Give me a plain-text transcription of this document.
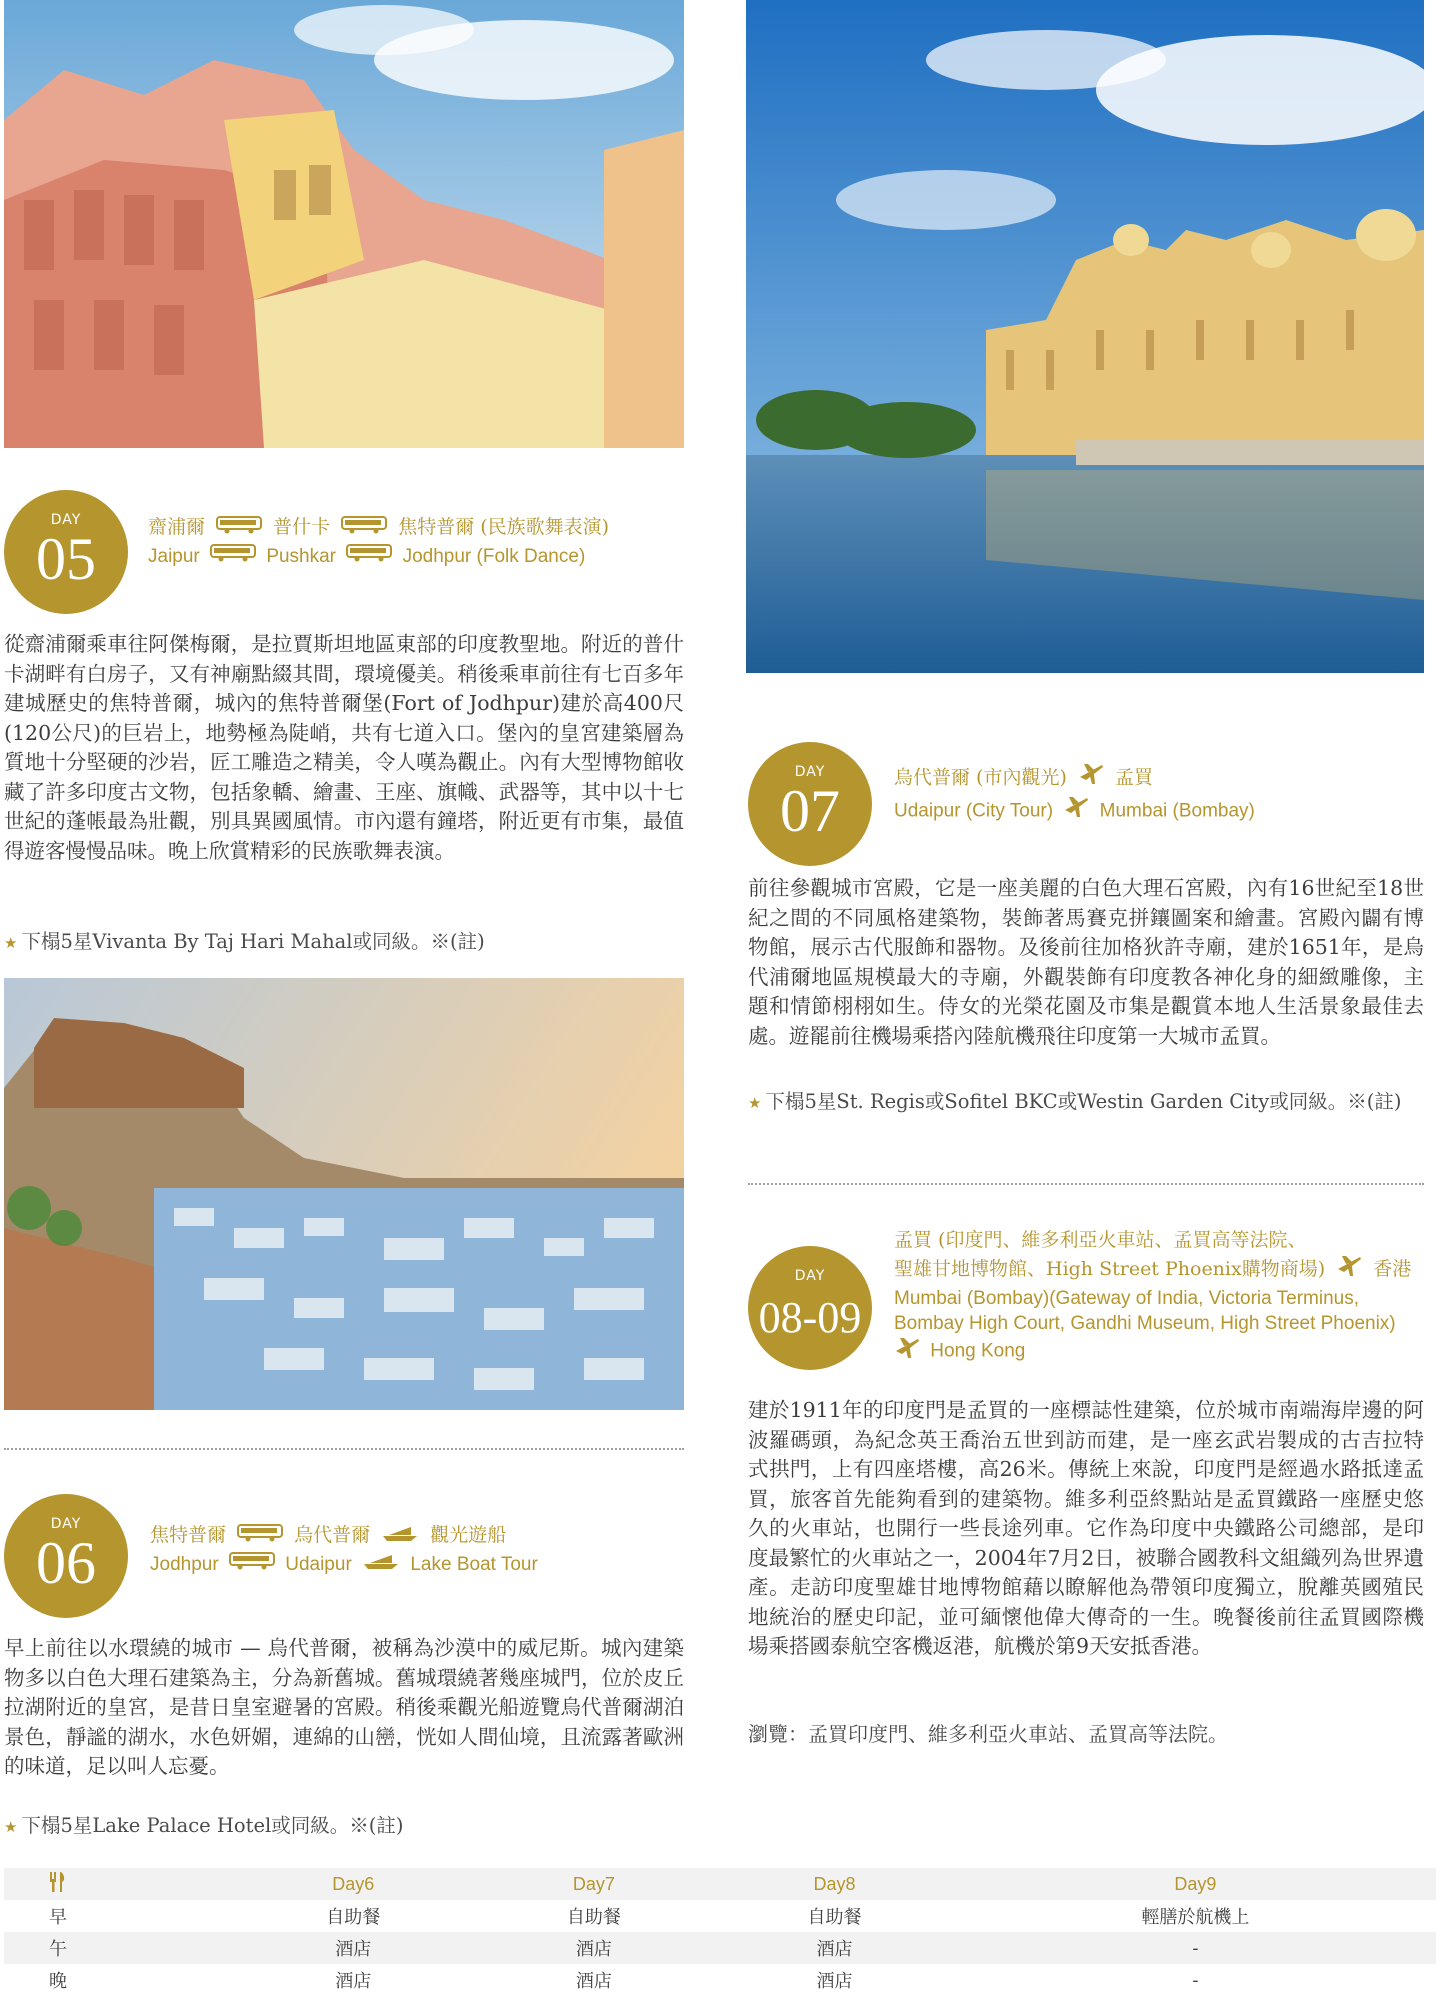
DAY
05	齋浦爾	普什卡	焦特普爾 (民族歌舞表演)
Jaipur	Pushkar	Jodhpur (Folk Dance)

從齋浦爾乘車往阿傑梅爾，是拉賈斯坦地區東部的印度教聖地。附近的普什卡湖畔有白房子，又有神廟點綴其間，環境優美。稍後乘車前往有七百多年建城歷史的焦特普爾，城內的焦特普爾堡(Fort of Jodhpur)建於高400尺(120公尺)的巨岩上，地勢極為陡峭，共有七道入口。堡內的皇宮建築層為質地十分堅硬的沙岩，匠工雕造之精美，令人嘆為觀止。內有大型博物館收藏了許多印度古文物，包括象轎、繪畫、王座、旗幟、武器等，其中以十七世紀的蓬帳最為壯觀，別具異國風情。市內還有鐘塔，附近更有市集，最值得遊客慢慢品味。晚上欣賞精彩的民族歌舞表演。

★ 下榻5星Vivanta By Taj Hari Mahal或同級。※(註)

DAY
06	焦特普爾	烏代普爾	觀光遊船
Jodhpur	Udaipur	Lake Boat Tour

早上前往以水環繞的城市 — 烏代普爾，被稱為沙漠中的威尼斯。城內建築物多以白色大理石建築為主，分為新舊城。舊城環繞著幾座城門，位於皮丘拉湖附近的皇宮，是昔日皇室避暑的宮殿。稍後乘觀光船遊覽烏代普爾湖泊景色，靜謐的湖水，水色妍媚，連綿的山巒，恍如人間仙境，且流露著歐洲的味道，足以叫人忘憂。

★ 下榻5星Lake Palace Hotel或同級。※(註)

DAY
07
烏代普爾 (市內觀光)	孟買
Udaipur (City Tour) Mumbai (Bombay)

前往參觀城市宮殿，它是一座美麗的白色大理石宮殿，內有16世紀至18世紀之間的不同風格建築物，裝飾著馬賽克拼鑲圖案和繪畫。宮殿內闢有博物館，展示古代服飾和器物。及後前往加格狄許寺廟，建於1651年，是烏代浦爾地區規模最大的寺廟，外觀裝飾有印度教各神化身的細緻雕像，主題和情節栩栩如生。侍女的光榮花園及市集是觀賞本地人生活景象最佳去處。遊罷前往機場乘搭內陸航機飛往印度第一大城市孟買。

★ 下榻5星St. Regis或Sofitel BKC或Westin Garden City或同級。※(註)

DAY
08-09
孟買 (印度門、維多利亞火車站、孟買高等法院、
聖雄甘地博物館、High Street Phoenix購物商場)	香港
Mumbai (Bombay)(Gateway of India, Victoria Terminus,
Bombay High Court, Gandhi Museum, High Street Phoenix)
Hong Kong

建於1911年的印度門是孟買的一座標誌性建築，位於城市南端海岸邊的阿波羅碼頭，為紀念英王喬治五世到訪而建，是一座玄武岩製成的古吉拉特式拱門，上有四座塔樓，高26米。傳統上來說，印度門是經過水路抵達孟買，旅客首先能夠看到的建築物。維多利亞終點站是孟買鐵路一座歷史悠久的火車站，也開行一些長途列車。它作為印度中央鐵路公司總部，是印度最繁忙的火車站之一，2004年7月2日，被聯合國教科文組織列為世界遺產。走訪印度聖雄甘地博物館藉以瞭解他為帶領印度獨立，脫離英國殖民地統治的歷史印記，並可緬懷他偉大傳奇的一生。晚餐後前往孟買國際機場乘搭國泰航空客機返港，航機於第9天安抵香港。

瀏覽：孟買印度門、維多利亞火車站、孟買高等法院。

	Day6	Day7	Day8	Day9
早	自助餐	自助餐	自助餐	輕膳於航機上
午	酒店	酒店	酒店	-
晚	酒店	酒店	酒店	-
